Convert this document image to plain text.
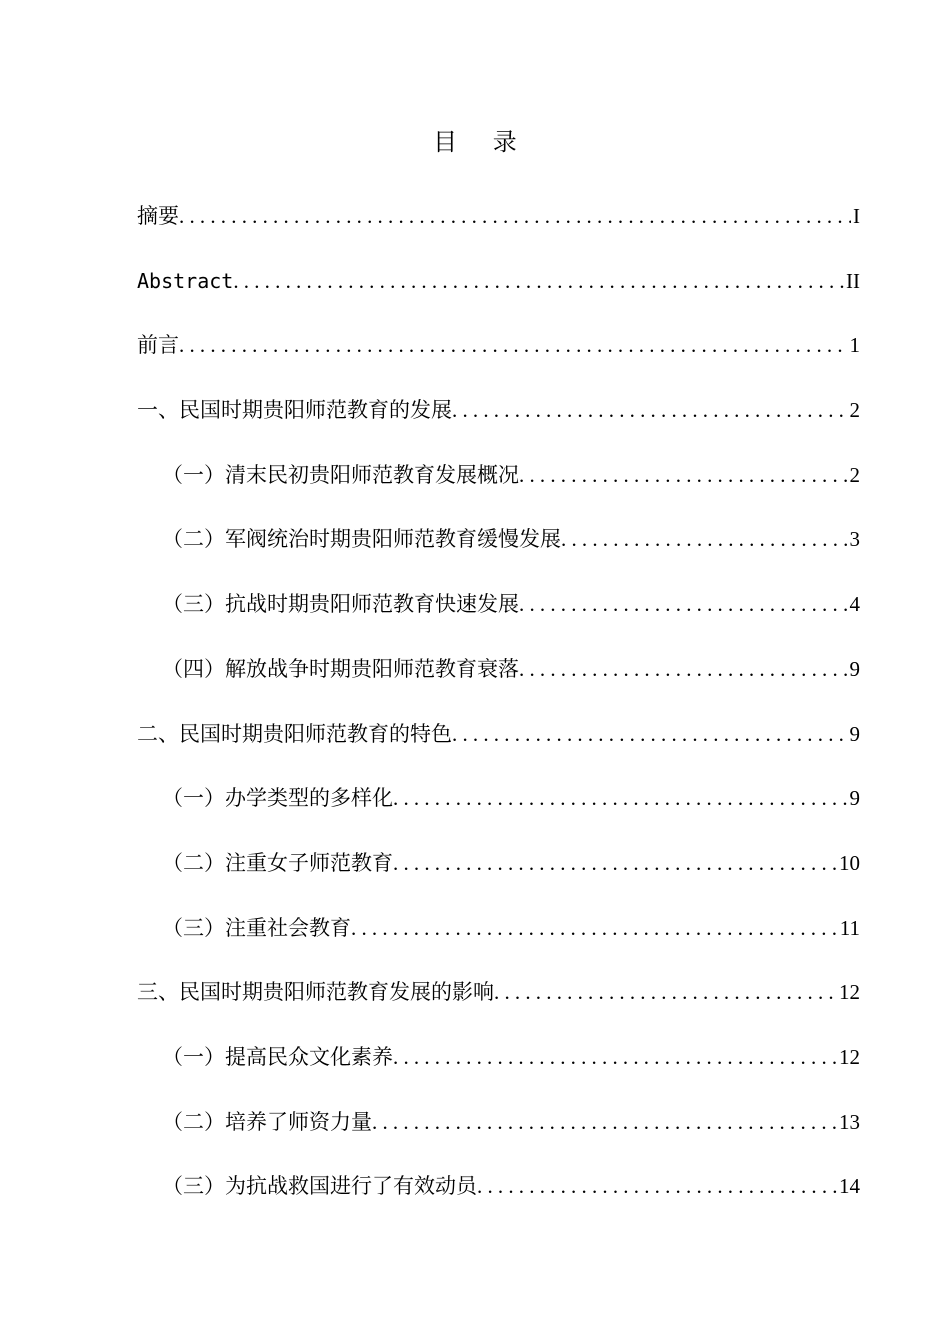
目 录
摘要 .....	I
Abstract .....	II
前言 .....	1
一、民国时期贵阳师范教育的发展 .....	2
（一）清末民初贵阳师范教育发展概况 .....	2
（二）军阀统治时期贵阳师范教育缓慢发展 .....	3
（三）抗战时期贵阳师范教育快速发展 .....	4
（四）解放战争时期贵阳师范教育衰落 .....	9
二、民国时期贵阳师范教育的特色 .....	9
（一）办学类型的多样化 .....	9
（二）注重女子师范教育 .....	10
（三）注重社会教育 .....	11
三、民国时期贵阳师范教育发展的影响 .....	12
（一）提高民众文化素养 .....	12
（二）培养了师资力量 .....	13
（三）为抗战救国进行了有效动员 .....	14
